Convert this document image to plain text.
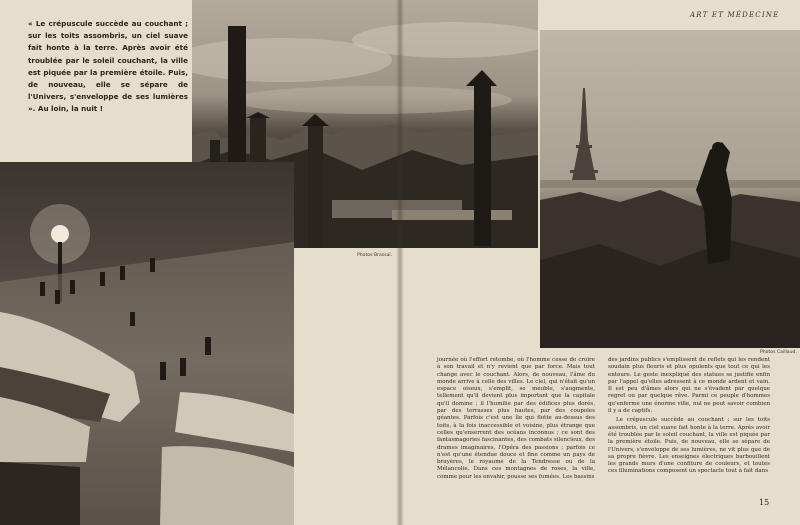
« Le crépuscule succède au couchant ; sur les toits assombris, un ciel suave fait honte à la terre. Après avoir été troublée par le soleil couchant, la ville est piquée par la première étoile. Puis, de nouveau, elle se sépare de l'Univers, s'enveloppe de ses lumières ». Au loin, la nuit !
Photos Brassaï.
Photos Caillaud.
ART ET MÉDECINE

journée où l'effort retombe, où l'homme cesse de croire à son travail et n'y revient que par force. Mais tout change avec le couchant. Alors, de nouveau, l'âme du monde arrive à celle des villes. Le ciel, qui n'était qu'un espace oiseux, s'emplit, se meuble, s'augmente, tellement qu'il devient plus important que la capitale qu'il domine ; il l'humilie par des édifices plus dorés, par des terrasses plus hautes, par des coupoles géantes. Parfois c'est une île qui flotte au-dessus des toits, à la fois inaccessible et voisine, plus étrange que celles qu'enserrent des océans inconnus ; ce sont des fantasmagories fascinantes, des combats silencieux, des drames imaginaires, l'Opéra des passions ; parfois ce n'est qu'une étendue douce et fine comme un pays de bruyères, le royaume de la Tendresse ou de la Mélancolie. Dans ces montagnes de roses, la ville, comme pour les envahir, pousse ses fumées. Les bassins

des jardins publics s'emplissent de reflets qui les rendent soudain plus fleuris et plus opulents que tout ce qui les entoure. Le geste inexpliqué des statues se justifie enfin par l'appel qu'elles adressent à ce monde ardent et vain. Il est peu d'âmes alors qui ne s'évadent par quelque regret ou par quelque rêve. Parmi ce peuple d'hommes qu'enferme une énorme ville, nul ne peut savoir combien il y a de captifs.

Le crépuscule succède au couchant ; sur les toits assombris, un ciel suave fait honte à la terre. Après avoir été troublée par le soleil couchant, la ville est piquée par la première étoile. Puis, de nouveau, elle se sépare de l'Univers, s'enveloppe de ses lumières, ne vit plus que de sa propre fièvre. Les enseignes électriques barbouillent les grands murs d'une confiture de couleurs, et toutes ces illuminations composent un spectacle tout à fait dans

15
